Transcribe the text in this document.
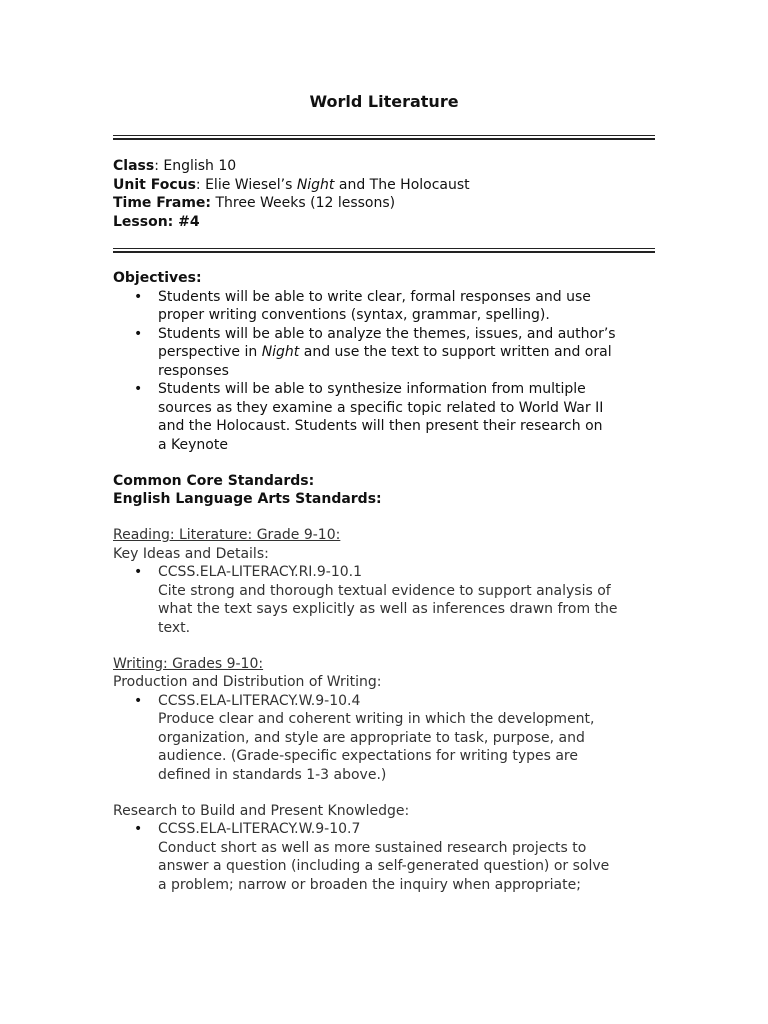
World Literature
Class: English 10
Unit Focus: Elie Wiesel’s Night and The Holocaust
Time Frame: Three Weeks (12 lessons)
Lesson: #4
Objectives:
• Students will be able to write clear, formal responses and use
proper writing conventions (syntax, grammar, spelling).
• Students will be able to analyze the themes, issues, and author’s
perspective in Night and use the text to support written and oral
responses
• Students will be able to synthesize information from multiple
sources as they examine a specific topic related to World War II
and the Holocaust. Students will then present their research on
a Keynote
Common Core Standards:
English Language Arts Standards:
Reading: Literature: Grade 9-10:
Key Ideas and Details:
• CCSS.ELA-LITERACY.RI.9-10.1
Cite strong and thorough textual evidence to support analysis of
what the text says explicitly as well as inferences drawn from the
text.
Writing: Grades 9-10:
Production and Distribution of Writing:
• CCSS.ELA-LITERACY.W.9-10.4
Produce clear and coherent writing in which the development,
organization, and style are appropriate to task, purpose, and
audience. (Grade-specific expectations for writing types are
defined in standards 1-3 above.)
Research to Build and Present Knowledge:
• CCSS.ELA-LITERACY.W.9-10.7
Conduct short as well as more sustained research projects to
answer a question (including a self-generated question) or solve
a problem; narrow or broaden the inquiry when appropriate;
